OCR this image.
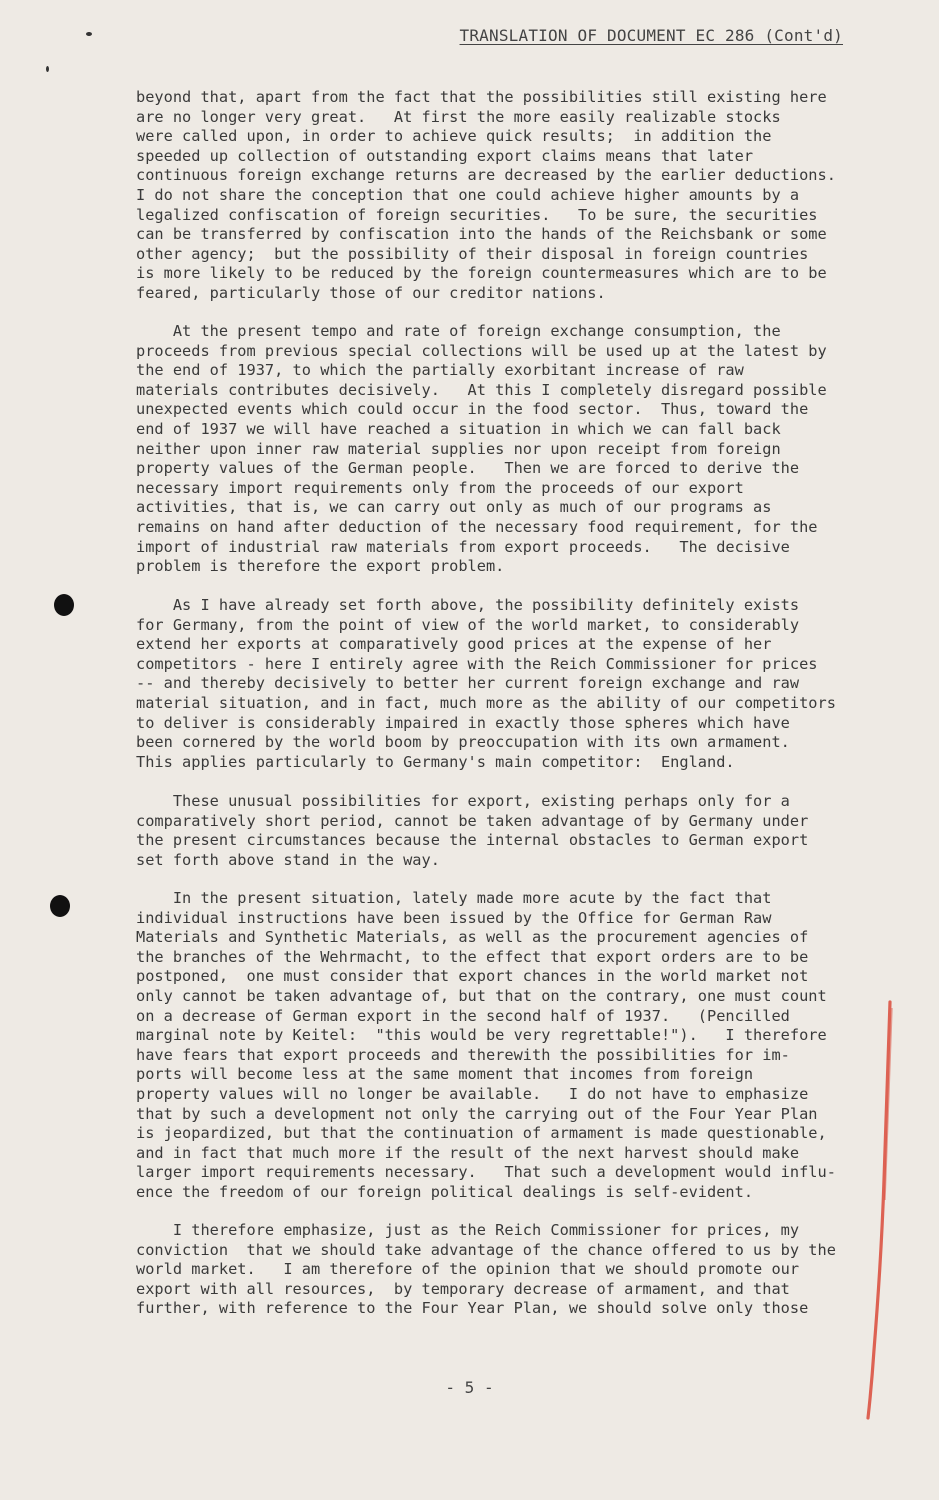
TRANSLATION OF DOCUMENT EC 286 (Cont'd)
beyond that, apart from the fact that the possibilities still existing here
are no longer very great.   At first the more easily realizable stocks
were called upon, in order to achieve quick results;  in addition the
speeded up collection of outstanding export claims means that later
continuous foreign exchange returns are decreased by the earlier deductions.
I do not share the conception that one could achieve higher amounts by a
legalized confiscation of foreign securities.   To be sure, the securities
can be transferred by confiscation into the hands of the Reichsbank or some
other agency;  but the possibility of their disposal in foreign countries
is more likely to be reduced by the foreign countermeasures which are to be
feared, particularly those of our creditor nations.
At the present tempo and rate of foreign exchange consumption, the
proceeds from previous special collections will be used up at the latest by
the end of 1937, to which the partially exorbitant increase of raw
materials contributes decisively.   At this I completely disregard possible
unexpected events which could occur in the food sector.  Thus, toward the
end of 1937 we will have reached a situation in which we can fall back
neither upon inner raw material supplies nor upon receipt from foreign
property values of the German people.   Then we are forced to derive the
necessary import requirements only from the proceeds of our export
activities, that is, we can carry out only as much of our programs as
remains on hand after deduction of the necessary food requirement, for the
import of industrial raw materials from export proceeds.   The decisive
problem is therefore the export problem.
As I have already set forth above, the possibility definitely exists
for Germany, from the point of view of the world market, to considerably
extend her exports at comparatively good prices at the expense of her
competitors - here I entirely agree with the Reich Commissioner for prices
-- and thereby decisively to better her current foreign exchange and raw
material situation, and in fact, much more as the ability of our competitors
to deliver is considerably impaired in exactly those spheres which have
been cornered by the world boom by preoccupation with its own armament.
This applies particularly to Germany's main competitor:  England.
These unusual possibilities for export, existing perhaps only for a
comparatively short period, cannot be taken advantage of by Germany under
the present circumstances because the internal obstacles to German export
set forth above stand in the way.
In the present situation, lately made more acute by the fact that
individual instructions have been issued by the Office for German Raw
Materials and Synthetic Materials, as well as the procurement agencies of
the branches of the Wehrmacht, to the effect that export orders are to be
postponed,  one must consider that export chances in the world market not
only cannot be taken advantage of, but that on the contrary, one must count
on a decrease of German export in the second half of 1937.   (Pencilled
marginal note by Keitel:  "this would be very regrettable!").   I therefore
have fears that export proceeds and therewith the possibilities for im-
ports will become less at the same moment that incomes from foreign
property values will no longer be available.   I do not have to emphasize
that by such a development not only the carrying out of the Four Year Plan
is jeopardized, but that the continuation of armament is made questionable,
and in fact that much more if the result of the next harvest should make
larger import requirements necessary.   That such a development would influ-
ence the freedom of our foreign political dealings is self-evident.
I therefore emphasize, just as the Reich Commissioner for prices, my
conviction  that we should take advantage of the chance offered to us by the
world market.   I am therefore of the opinion that we should promote our
export with all resources,  by temporary decrease of armament, and that
further, with reference to the Four Year Plan, we should solve only those
- 5 -
